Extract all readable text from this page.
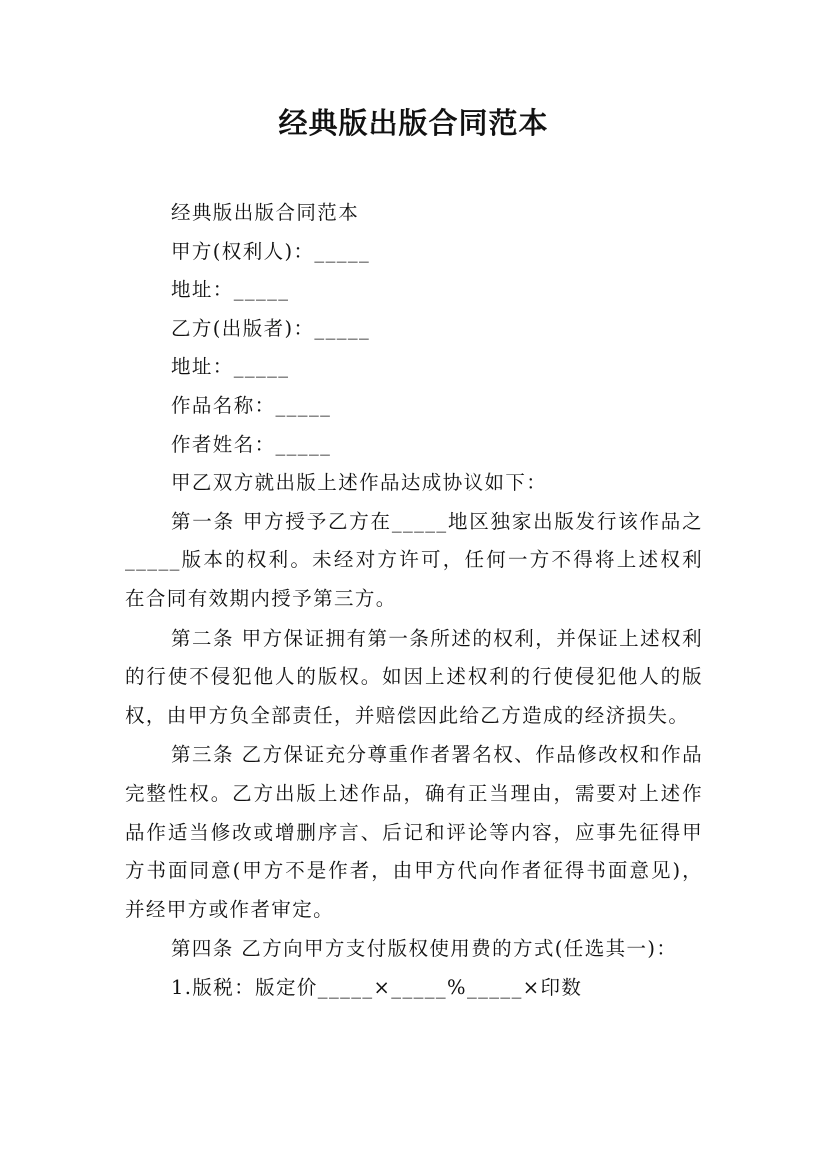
经典版出版合同范本

经典版出版合同范本

甲方(权利人)：_____

地址：_____

乙方(出版者)：_____

地址：_____

作品名称：_____

作者姓名：_____

甲乙双方就出版上述作品达成协议如下：

第一条 甲方授予乙方在_____地区独家出版发行该作品之_____版本的权利。未经对方许可，任何一方不得将上述权利在合同有效期内授予第三方。

第二条 甲方保证拥有第一条所述的权利，并保证上述权利的行使不侵犯他人的版权。如因上述权利的行使侵犯他人的版权，由甲方负全部责任，并赔偿因此给乙方造成的经济损失。

第三条 乙方保证充分尊重作者署名权、作品修改权和作品完整性权。乙方出版上述作品，确有正当理由，需要对上述作品作适当修改或增删序言、后记和评论等内容，应事先征得甲方书面同意(甲方不是作者，由甲方代向作者征得书面意见)，并经甲方或作者审定。

第四条 乙方向甲方支付版权使用费的方式(任选其一)：

1.版税：版定价_____×_____%_____×印数
